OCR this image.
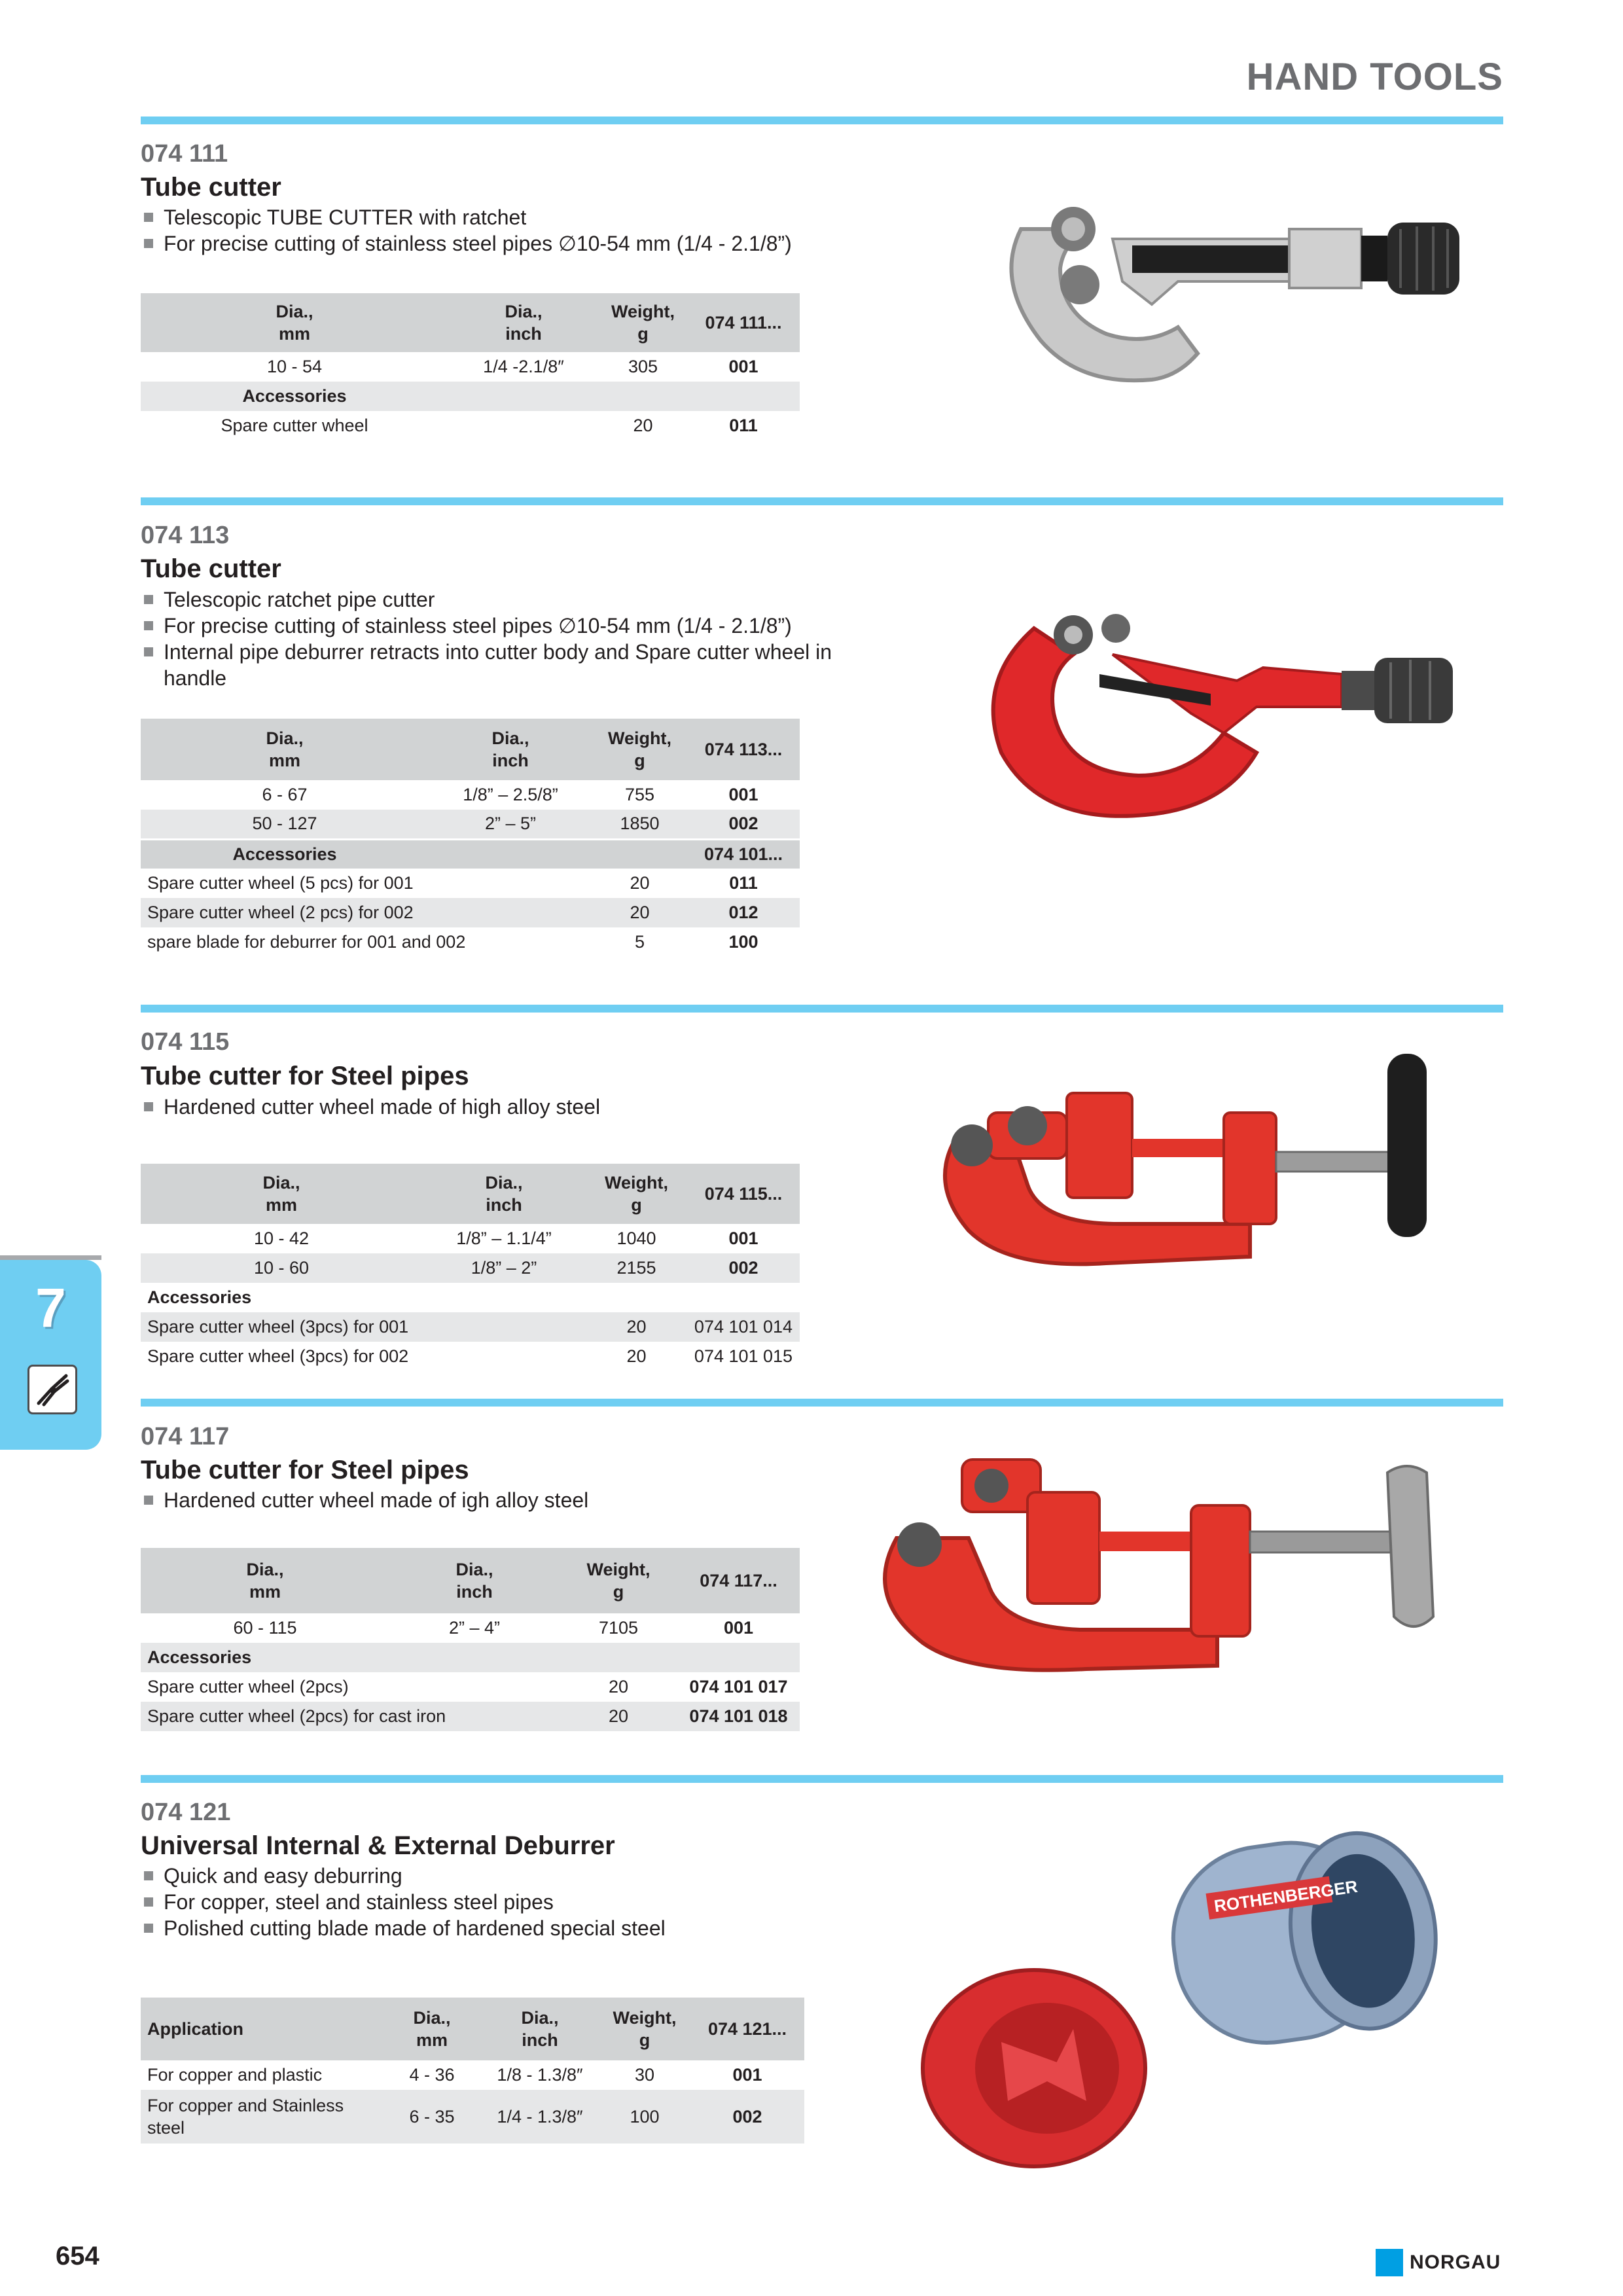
HAND TOOLS
074 111
Tube cutter
Telescopic TUBE CUTTER with ratchet
For precise cutting of stainless steel pipes ∅10-54 mm (1/4 - 2.1/8”)
Dia., mm	Dia., inch	Weight, g	074 111...
10 - 54	1/4 -2.1/8″	305	001
Accessories			
Spare cutter wheel		20	011
074 113
Tube cutter
Telescopic ratchet pipe cutter
For precise cutting of stainless steel pipes ∅10-54 mm (1/4 - 2.1/8”)
Internal pipe deburrer retracts into cutter body and Spare cutter wheel in handle
Dia., mm	Dia., inch	Weight, g	074 113...
6 - 67	1/8” – 2.5/8”	755	001
50 - 127	2” – 5”	1850	002
Accessories			074 101...
Spare cutter wheel (5 pcs) for 001		20	011
Spare cutter wheel (2 pcs) for 002		20	012
spare blade for deburrer for 001 and 002		5	100
074 115
Tube cutter for Steel pipes
Hardened cutter wheel made of high alloy steel
Dia., mm	Dia., inch	Weight, g	074 115...
10 - 42	1/8” – 1.1/4”	1040	001
10 - 60	1/8” – 2”	2155	002
Accessories			
Spare cutter wheel (3pcs) for 001		20	074 101 014
Spare cutter wheel (3pcs) for 002		20	074 101 015
074 117
Tube cutter for Steel pipes
Hardened cutter wheel made of igh alloy steel
Dia., mm	Dia., inch	Weight, g	074 117...
60 - 115	2” – 4”	7105	001
Accessories			
Spare cutter wheel (2pcs)		20	074 101 017
Spare cutter wheel (2pcs) for cast iron		20	074 101 018
074 121
Universal Internal & External Deburrer
Quick and easy deburring
For copper, steel and stainless steel pipes
Polished cutting blade made of hardened special steel
Application	Dia., mm	Dia., inch	Weight, g	074 121...
For copper and plastic	4 - 36	1/8 - 1.3/8″	30	001

For copper and Stainless steel	6 - 35	1/4 - 1.3/8″	100	002
ROTHENBERGER
7
654	NORGAU
